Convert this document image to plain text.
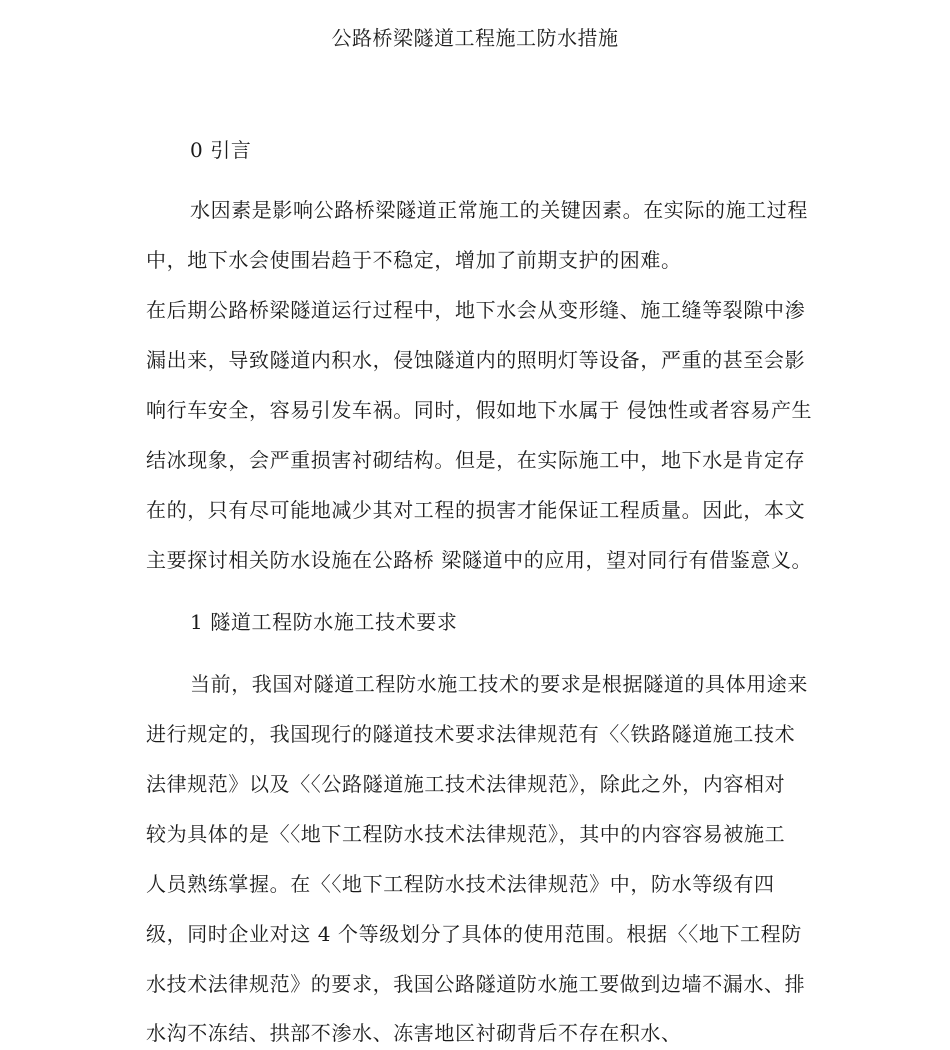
公路桥梁隧道工程施工防水措施
0 引言
水因素是影响公路桥梁隧道正常施工的关键因素。在实际的施工过程
中，地下水会使围岩趋于不稳定，增加了前期支护的困难。
在后期公路桥梁隧道运行过程中，地下水会从变形缝、施工缝等裂隙中渗
漏出来，导致隧道内积水，侵蚀隧道内的照明灯等设备，严重的甚至会影
响行车安全，容易引发车祸。同时，假如地下水属于 侵蚀性或者容易产生
结冰现象，会严重损害衬砌结构。但是，在实际施工中，地下水是肯定存
在的，只有尽可能地减少其对工程的损害才能保证工程质量。因此，本文
主要探讨相关防水设施在公路桥 梁隧道中的应用，望对同行有借鉴意义。
1 隧道工程防水施工技术要求
当前，我国对隧道工程防水施工技术的要求是根据隧道的具体用途来
进行规定的，我国现行的隧道技术要求法律规范有〈〈铁路隧道施工技术
法律规范》以及〈〈公路隧道施工技术法律规范》，除此之外，内容相对
较为具体的是〈〈地下工程防水技术法律规范》，其中的内容容易被施工
人员熟练掌握。在〈〈地下工程防水技术法律规范》中，防水等级有四
级，同时企业对这 4 个等级划分了具体的使用范围。根据〈〈地下工程防
水技术法律规范》的要求，我国公路隧道防水施工要做到边墙不漏水、排
水沟不冻结、拱部不渗水、冻害地区衬砌背后不存在积水、
